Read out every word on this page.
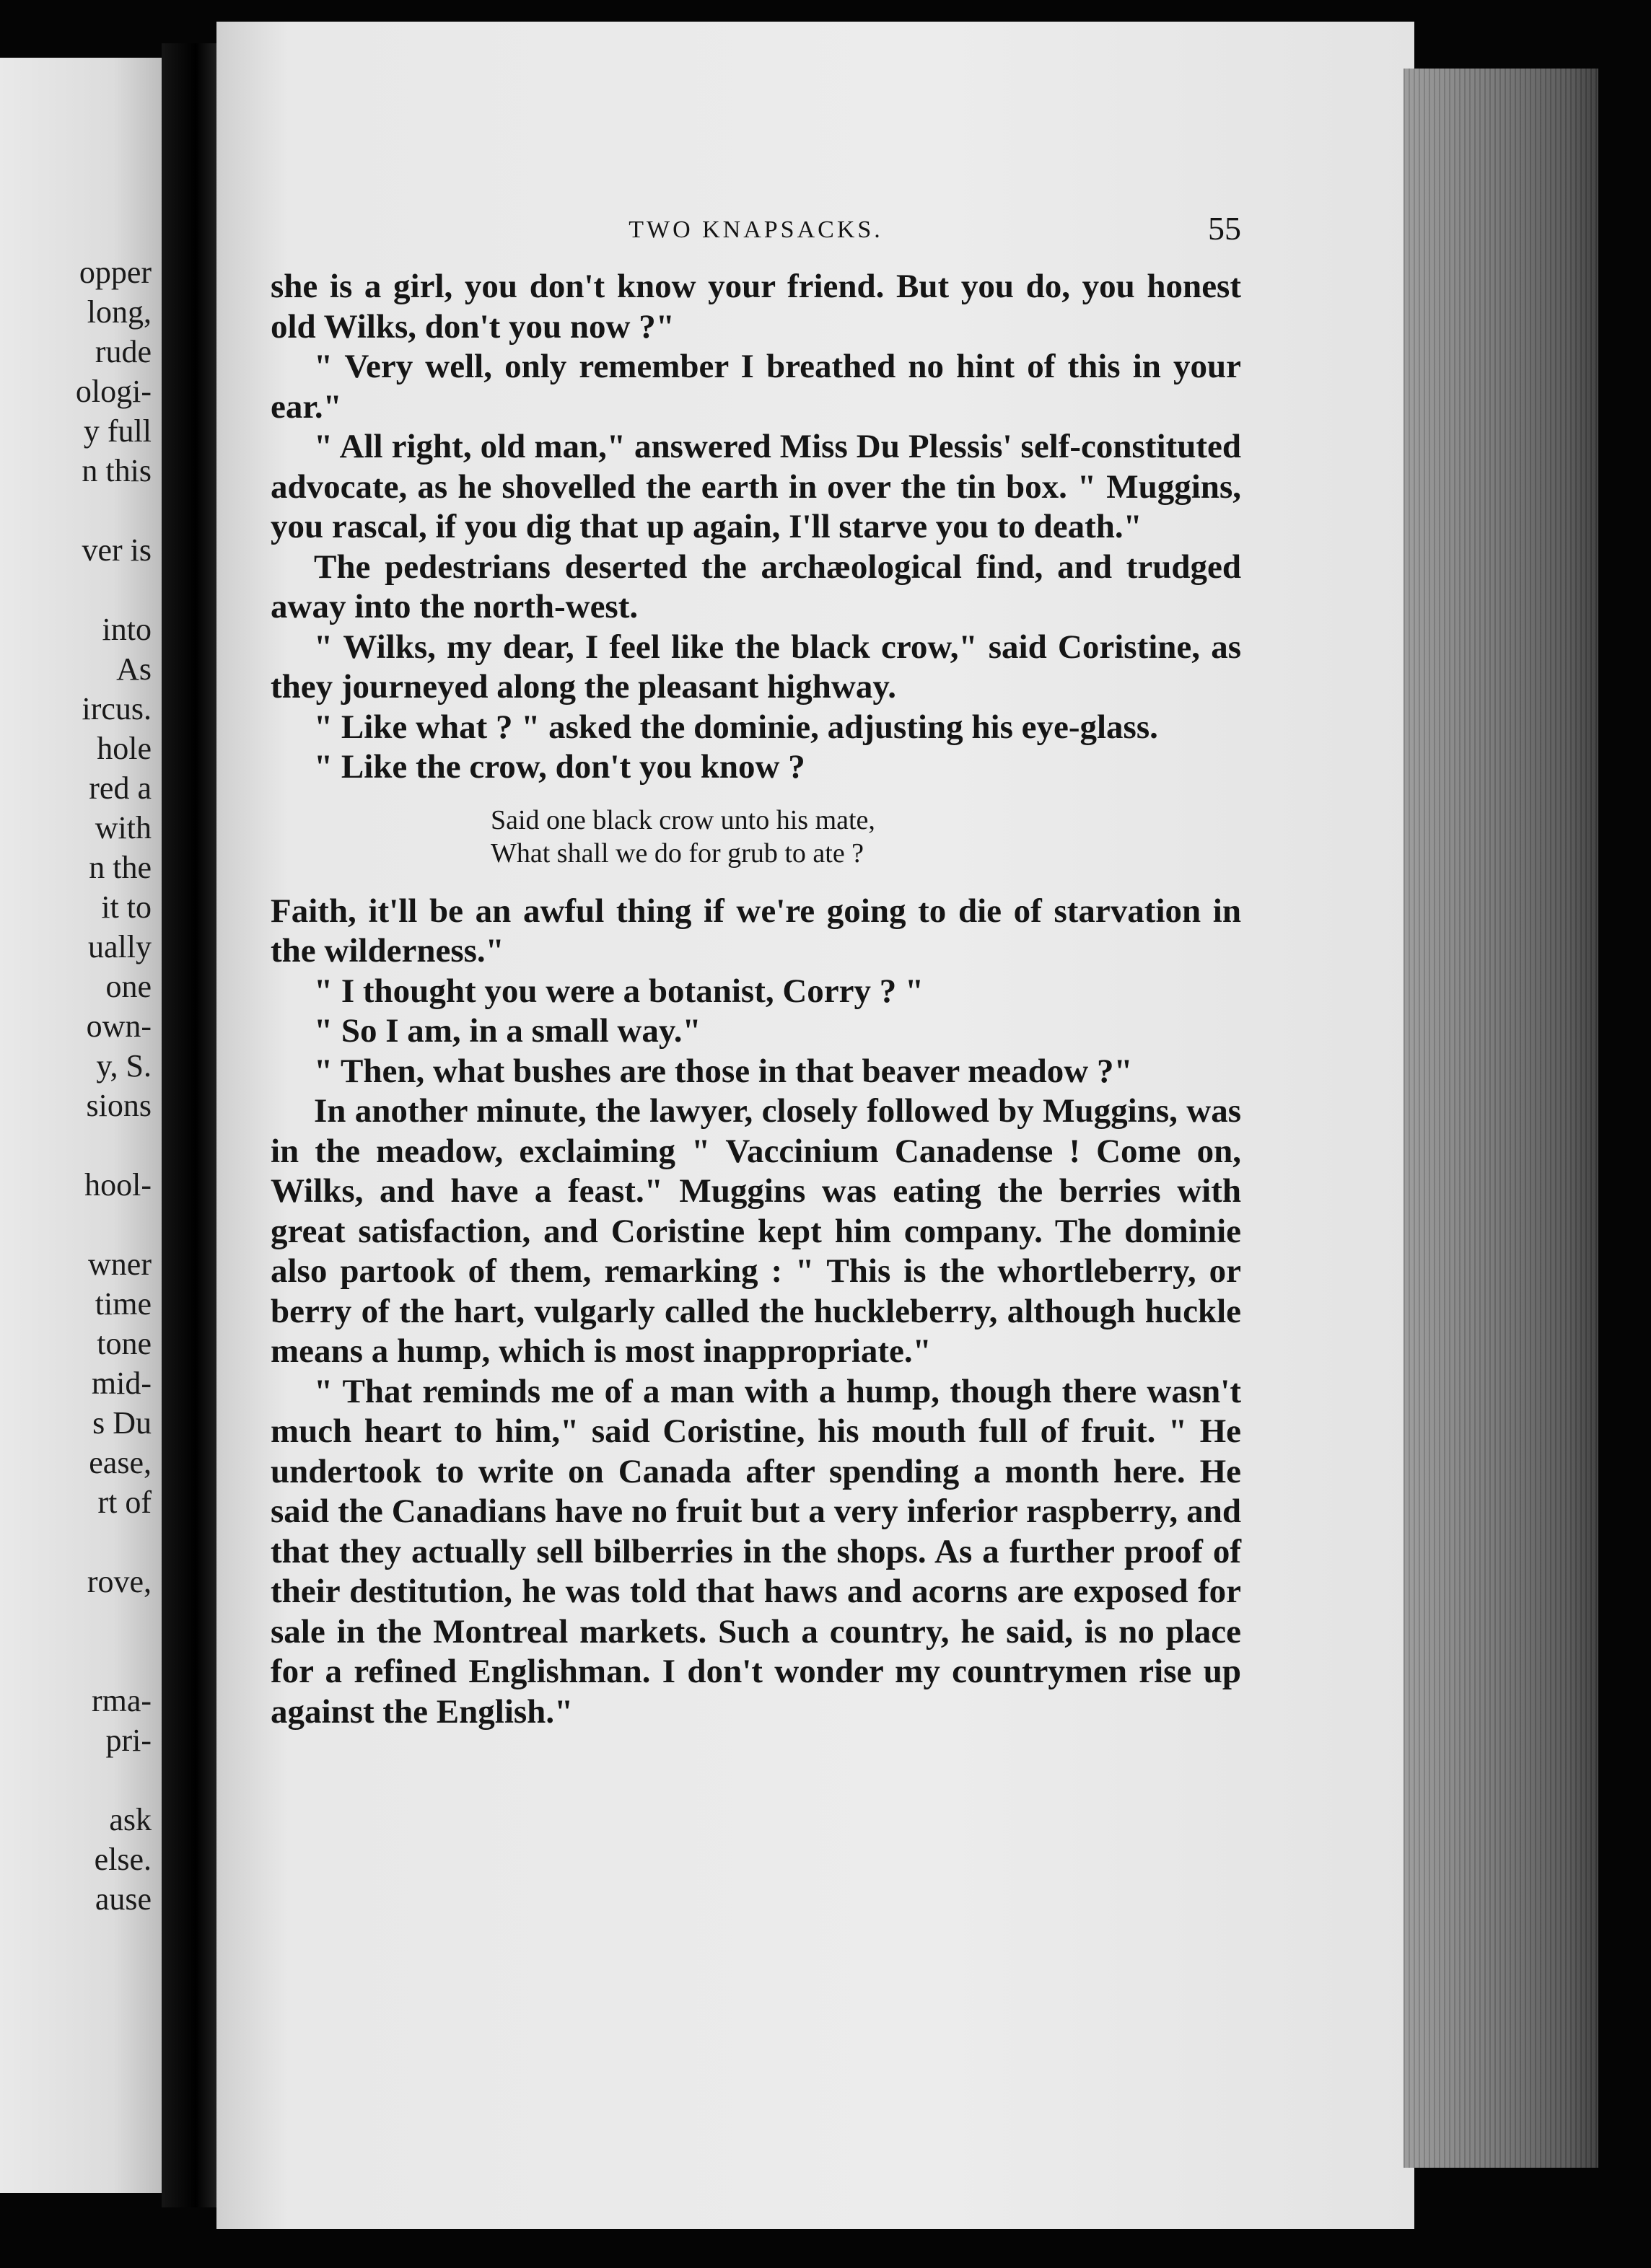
opper
long,
rude
ologi-
y full
n this
ver is
into
As
ircus.
hole
red a
with
n the
it to
ually
one
own-
y, S.
sions
hool-
wner
time
tone
mid-
s Du
ease,
rt of
rove,
rma-
pri-
ask
else.
ause
TWO KNAPSACKS.	55

she is a girl, you don't know your friend. But you do, you honest old Wilks, don't you now ?"

" Very well, only remember I breathed no hint of this in your ear."

" All right, old man," answered Miss Du Plessis' self-constituted advocate, as he shovelled the earth in over the tin box. " Muggins, you rascal, if you dig that up again, I'll starve you to death."

The pedestrians deserted the archæological find, and trudged away into the north-west.

" Wilks, my dear, I feel like the black crow," said Coristine, as they journeyed along the pleasant highway.

" Like what ? " asked the dominie, adjusting his eye-glass.

" Like the crow, don't you know ?

Said one black crow unto his mate,
What shall we do for grub to ate ?

Faith, it'll be an awful thing if we're going to die of starvation in the wilderness."

" I thought you were a botanist, Corry ? "

" So I am, in a small way."

" Then, what bushes are those in that beaver meadow ?"

In another minute, the lawyer, closely followed by Muggins, was in the meadow, exclaiming " Vaccinium Canadense ! Come on, Wilks, and have a feast." Muggins was eating the berries with great satisfaction, and Coristine kept him company. The dominie also partook of them, remarking : " This is the whortleberry, or berry of the hart, vulgarly called the huckleberry, although huckle means a hump, which is most inappropriate."

" That reminds me of a man with a hump, though there wasn't much heart to him," said Coristine, his mouth full of fruit. " He undertook to write on Canada after spending a month here. He said the Canadians have no fruit but a very inferior raspberry, and that they actually sell bilberries in the shops. As a further proof of their destitution, he was told that haws and acorns are exposed for sale in the Montreal markets. Such a country, he said, is no place for a refined Englishman. I don't wonder my countrymen rise up against the English."
